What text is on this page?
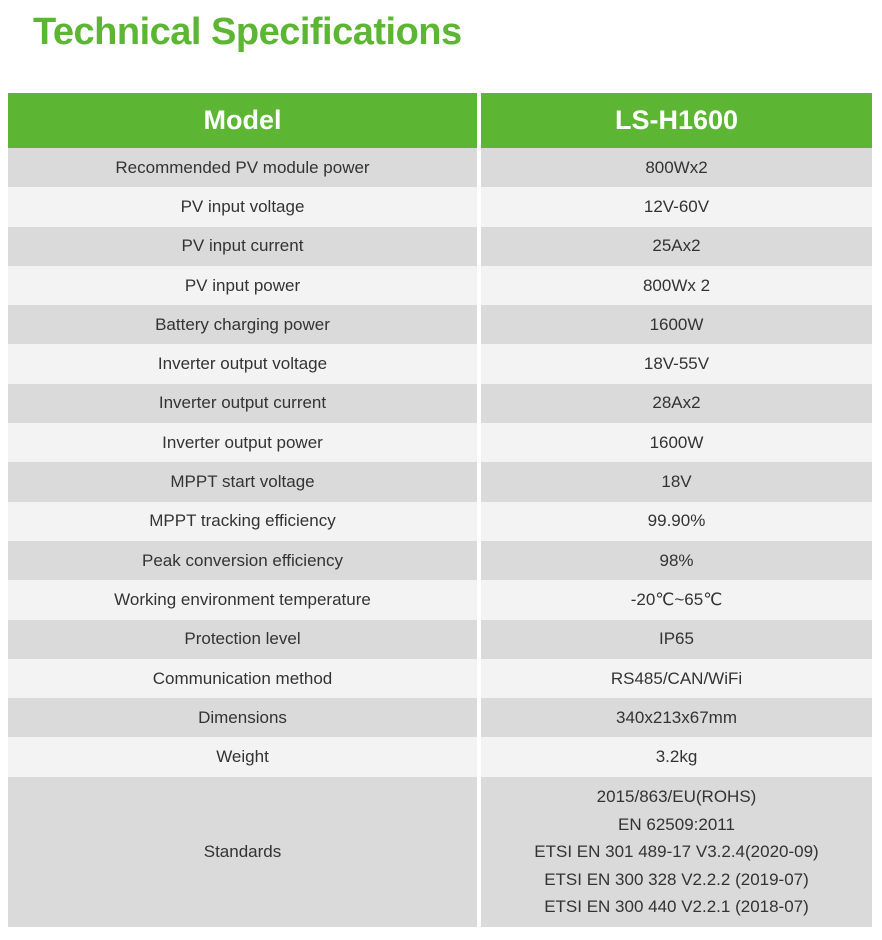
Technical Specifications
Model	LS-H1600
Recommended PV module power	800Wx2
PV input voltage	12V-60V
PV input current	25Ax2
PV input power	800Wx 2
Battery charging power	1600W
Inverter output voltage	18V-55V
Inverter output current	28Ax2
Inverter output power	1600W
MPPT start voltage	18V
MPPT tracking efficiency	99.90%
Peak conversion efficiency	98%
Working environment temperature	-20℃~65℃
Protection level	IP65
Communication method	RS485/CAN/WiFi
Dimensions	340x213x67mm
Weight	3.2kg
Standards	2015/863/EU(ROHS)
EN 62509:2011
ETSI EN 301 489-17 V3.2.4(2020-09)
ETSI EN 300 328 V2.2.2 (2019-07)
ETSI EN 300 440 V2.2.1 (2018-07)
